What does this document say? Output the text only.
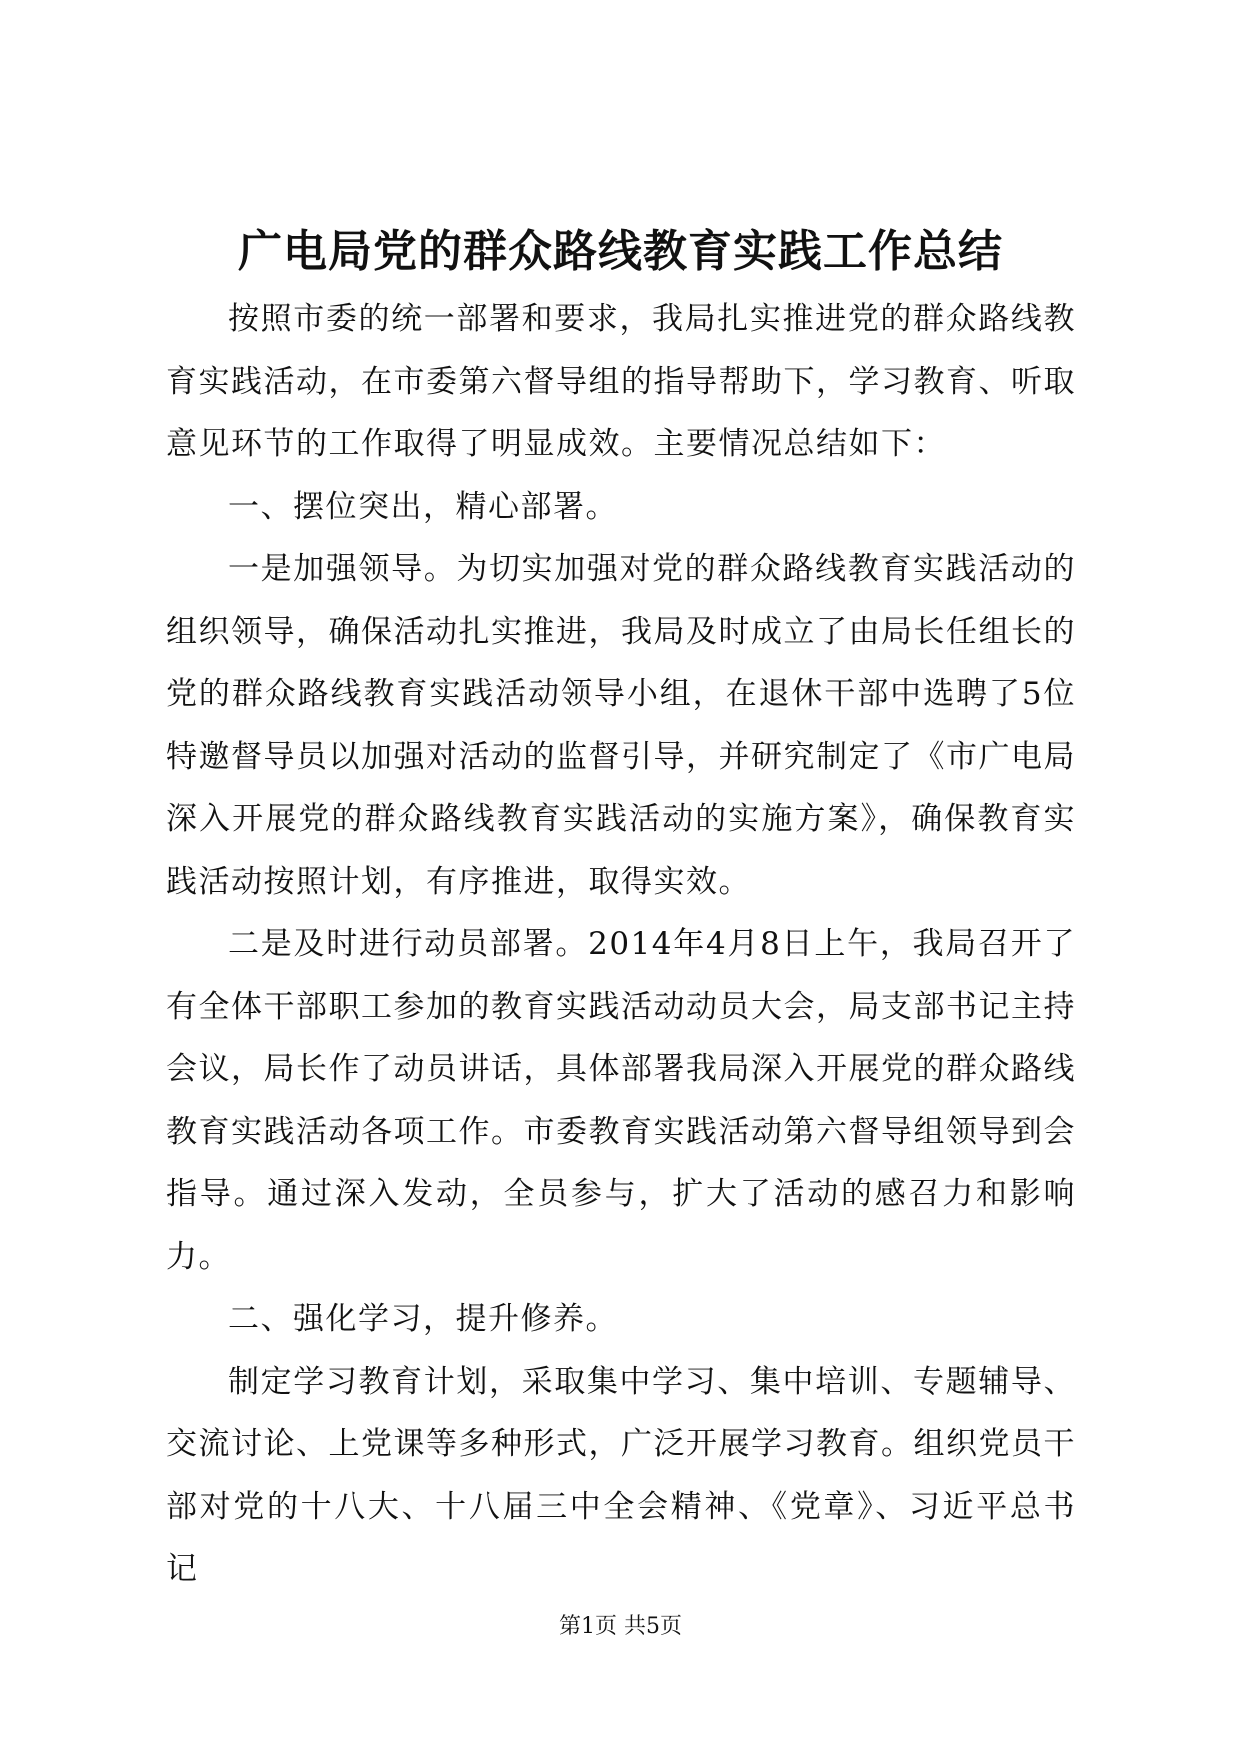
广电局党的群众路线教育实践工作总结

按照市委的统一部署和要求，我局扎实推进党的群众路线教育实践活动，在市委第六督导组的指导帮助下，学习教育、听取意见环节的工作取得了明显成效。主要情况总结如下：

一、摆位突出，精心部署。

一是加强领导。为切实加强对党的群众路线教育实践活动的组织领导，确保活动扎实推进，我局及时成立了由局长任组长的党的群众路线教育实践活动领导小组，在退休干部中选聘了5位特邀督导员以加强对活动的监督引导，并研究制定了《市广电局深入开展党的群众路线教育实践活动的实施方案》，确保教育实践活动按照计划，有序推进，取得实效。

二是及时进行动员部署。2014年4月8日上午，我局召开了有全体干部职工参加的教育实践活动动员大会，局支部书记主持会议，局长作了动员讲话，具体部署我局深入开展党的群众路线教育实践活动各项工作。市委教育实践活动第六督导组领导到会指导。通过深入发动，全员参与，扩大了活动的感召力和影响力。

二、强化学习，提升修养。

制定学习教育计划，采取集中学习、集中培训、专题辅导、交流讨论、上党课等多种形式，广泛开展学习教育。组织党员干部对党的十八大、十八届三中全会精神、《党章》、习近平总书记

第1页 共5页
